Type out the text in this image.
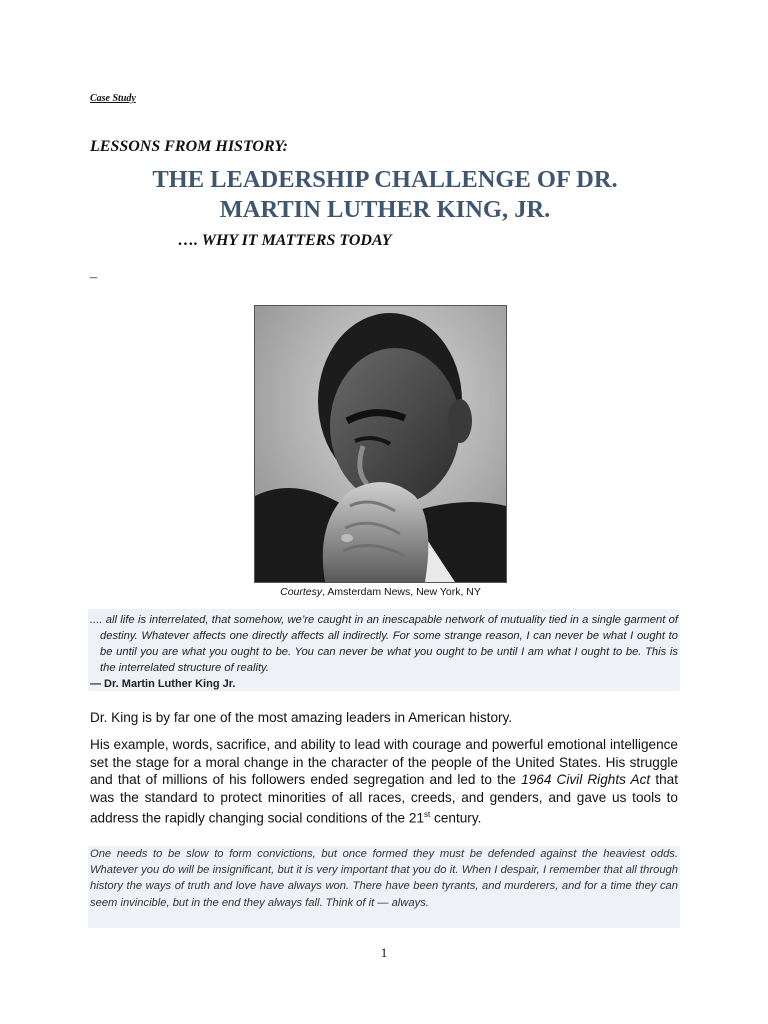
Case Study
LESSONS FROM HISTORY:
THE LEADERSHIP CHALLENGE OF DR.
MARTIN LUTHER KING, JR.
…. WHY IT MATTERS TODAY
–
Courtesy, Amsterdam News, New York, NY
.... all life is interrelated, that somehow, we’re caught in an inescapable network of mutuality tied in a single garment of destiny. Whatever affects one directly affects all indirectly. For some strange reason, I can never be what I ought to be until you are what you ought to be. You can never be what you ought to be until I am what I ought to be. This is the interrelated structure of reality.
― Dr. Martin Luther King Jr.
Dr. King is by far one of the most amazing leaders in American history.
His example, words, sacrifice, and ability to lead with courage and powerful emotional intelligence set the stage for a moral change in the character of the people of the United States. His struggle and that of millions of his followers ended segregation and led to the 1964 Civil Rights Act that was the standard to protect minorities of all races, creeds, and genders, and gave us tools to address the rapidly changing social conditions of the 21st century.
One needs to be slow to form convictions, but once formed they must be defended against the heaviest odds. Whatever you do will be insignificant, but it is very important that you do it. When I despair, I remember that all through history the ways of truth and love have always won. There have been tyrants, and murderers, and for a time they can seem invincible, but in the end they always fall. Think of it ― always.
1
